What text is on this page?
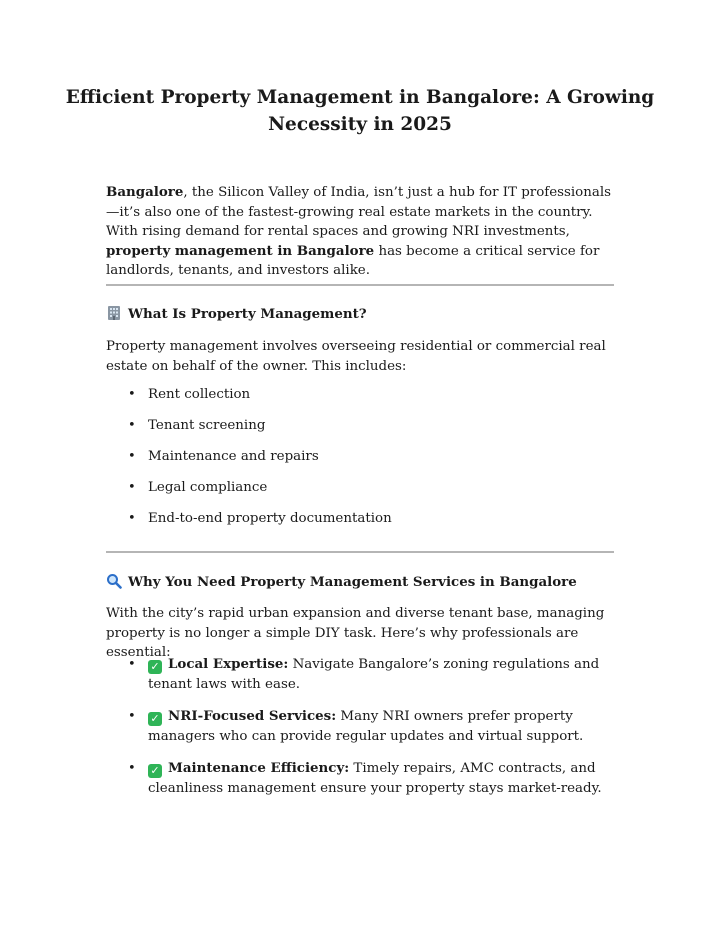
Efficient Property Management in Bangalore: A Growing Necessity in 2025

Bangalore, the Silicon Valley of India, isn’t just a hub for IT professionals—it’s also one of the fastest-growing real estate markets in the country. With rising demand for rental spaces and growing NRI investments, property management in Bangalore has become a critical service for landlords, tenants, and investors alike.

What Is Property Management?

Property management involves overseeing residential or commercial real estate on behalf of the owner. This includes:

• Rent collection
• Tenant screening
• Maintenance and repairs
• Legal compliance
• End-to-end property documentation
Why You Need Property Management Services in Bangalore

With the city’s rapid urban expansion and diverse tenant base, managing property is no longer a simple DIY task. Here’s why professionals are essential:

• ✓ Local Expertise: Navigate Bangalore’s zoning regulations and tenant laws with ease.
• ✓ NRI-Focused Services: Many NRI owners prefer property managers who can provide regular updates and virtual support.
• ✓ Maintenance Efficiency: Timely repairs, AMC contracts, and cleanliness management ensure your property stays market-ready.
